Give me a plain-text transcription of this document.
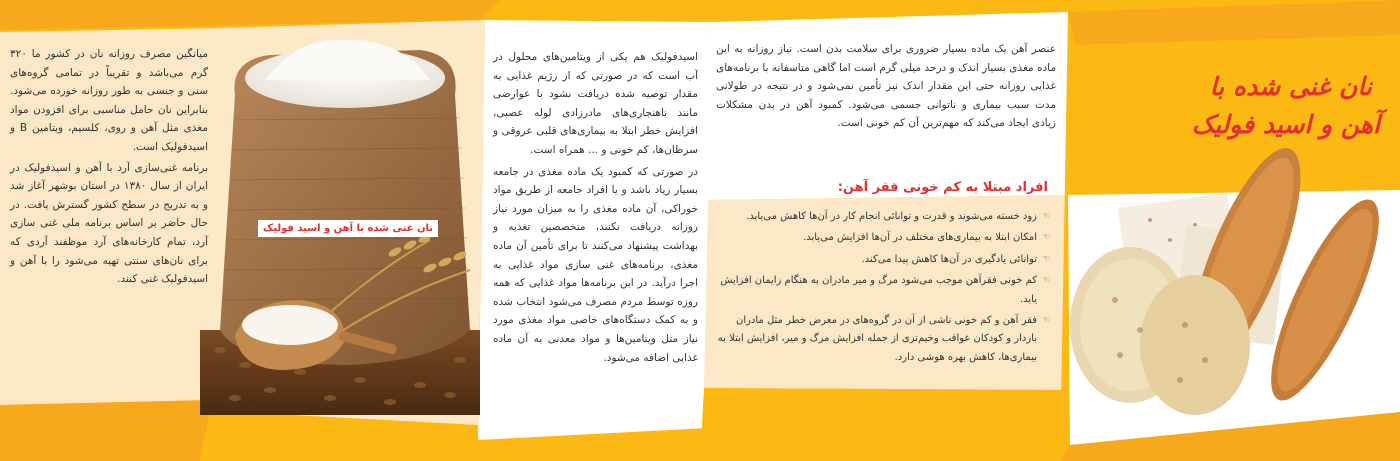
میانگین مصرف روزانه نان در کشور ما ۳۲۰ گرم می‌باشد و تقریباً در تمامی گروه‌های سنی و جنسی به طور روزانه خورده می‌شود. بنابراین نان حامل مناسبی برای افزودن مواد مغذی مثل آهن و روی، کلسیم، ویتامین B و اسیدفولیک است.

برنامه غنی‌سازی آرد با آهن و اسیدفولیک در ایران از سال ۱۳۸۰ در استان بوشهر آغاز شد و به تدریج در سطح کشور گسترش یافت. در حال حاضر بر اساس برنامه ملی غنی سازی آرد، تمام کارخانه‌های آرد موظفند آردی که برای نان‌های سنتی تهیه می‌شود را با آهن و اسیدفولیک غنی کنند.

نان غنی شده با آهن و اسید فولیک

اسیدفولیک هم یکی از ویتامین‌های محلول در آب است که در صورتی که از رژیم غذایی به مقدار توصیه شده دریافت نشود با عوارضی مانند ناهنجاری‌های مادرزادی لوله عصبی، افزایش خطر ابتلا به بیماری‌های قلبی عروقی و سرطان‌ها، کم خونی و ... همراه است.

در صورتی که کمبود یک ماده مغذی در جامعه بسیار زیاد باشد و یا افراد جامعه از طریق مواد خوراکی، آن ماده مغذی را به میزان مورد نیاز روزانه دریافت نکنند، متخصصین تغذیه و بهداشت پیشنهاد می‌کنند تا برای تأمین آن ماده مغذی، برنامه‌های غنی سازی مواد غذایی به اجرا درآید. در این برنامه‌ها مواد غذایی که همه روزه توسط مردم مصرف می‌شود انتخاب شده و به کمک دستگاه‌های خاصی مواد مغذی مورد نیاز مثل ویتامین‌ها و مواد معدنی به آن ماده غذایی اضافه می‌شود.

عنصر آهن یک ماده بسیار ضروری برای سلامت بدن است. نیاز روزانه به این ماده مغذی بسیار اندک و درحد میلی گرم است اما گاهی متاسفانه با برنامه‌های غذایی روزانه حتی این مقدار اندک نیز تأمین نمی‌شود و در نتیجه در طولانی مدت سبب بیماری و ناتوانی جسمی می‌شود. کمبود آهن در بدن مشکلات زیادی ایجاد می‌کند که مهم‌ترین آن کم خونی است.

افراد مبتلا به کم خونی فقر آهن:
☜
زود خسته می‌شوند و قدرت و توانائی انجام کار در آن‌ها کاهش می‌یابد.
☜
امکان ابتلا به بیماری‌های مختلف در آن‌ها افزایش می‌یابد.
☜
توانائی یادگیری در آن‌ها کاهش پیدا می‌کند.
☜
کم خونی فقرآهن موجب می‌شود مرگ و میر مادران به هنگام زایمان افزایش یابد.
☜
فقر آهن و کم خونی ناشی از آن در گروه‌های در معرض خطر مثل مادران باردار و کودکان عواقب وخیم‌تری از جمله افزایش مرگ و میر، افزایش ابتلا به بیماری‌ها، کاهش بهره هوشی دارد.
نان غنی شده با
آهن و اسید فولیک
